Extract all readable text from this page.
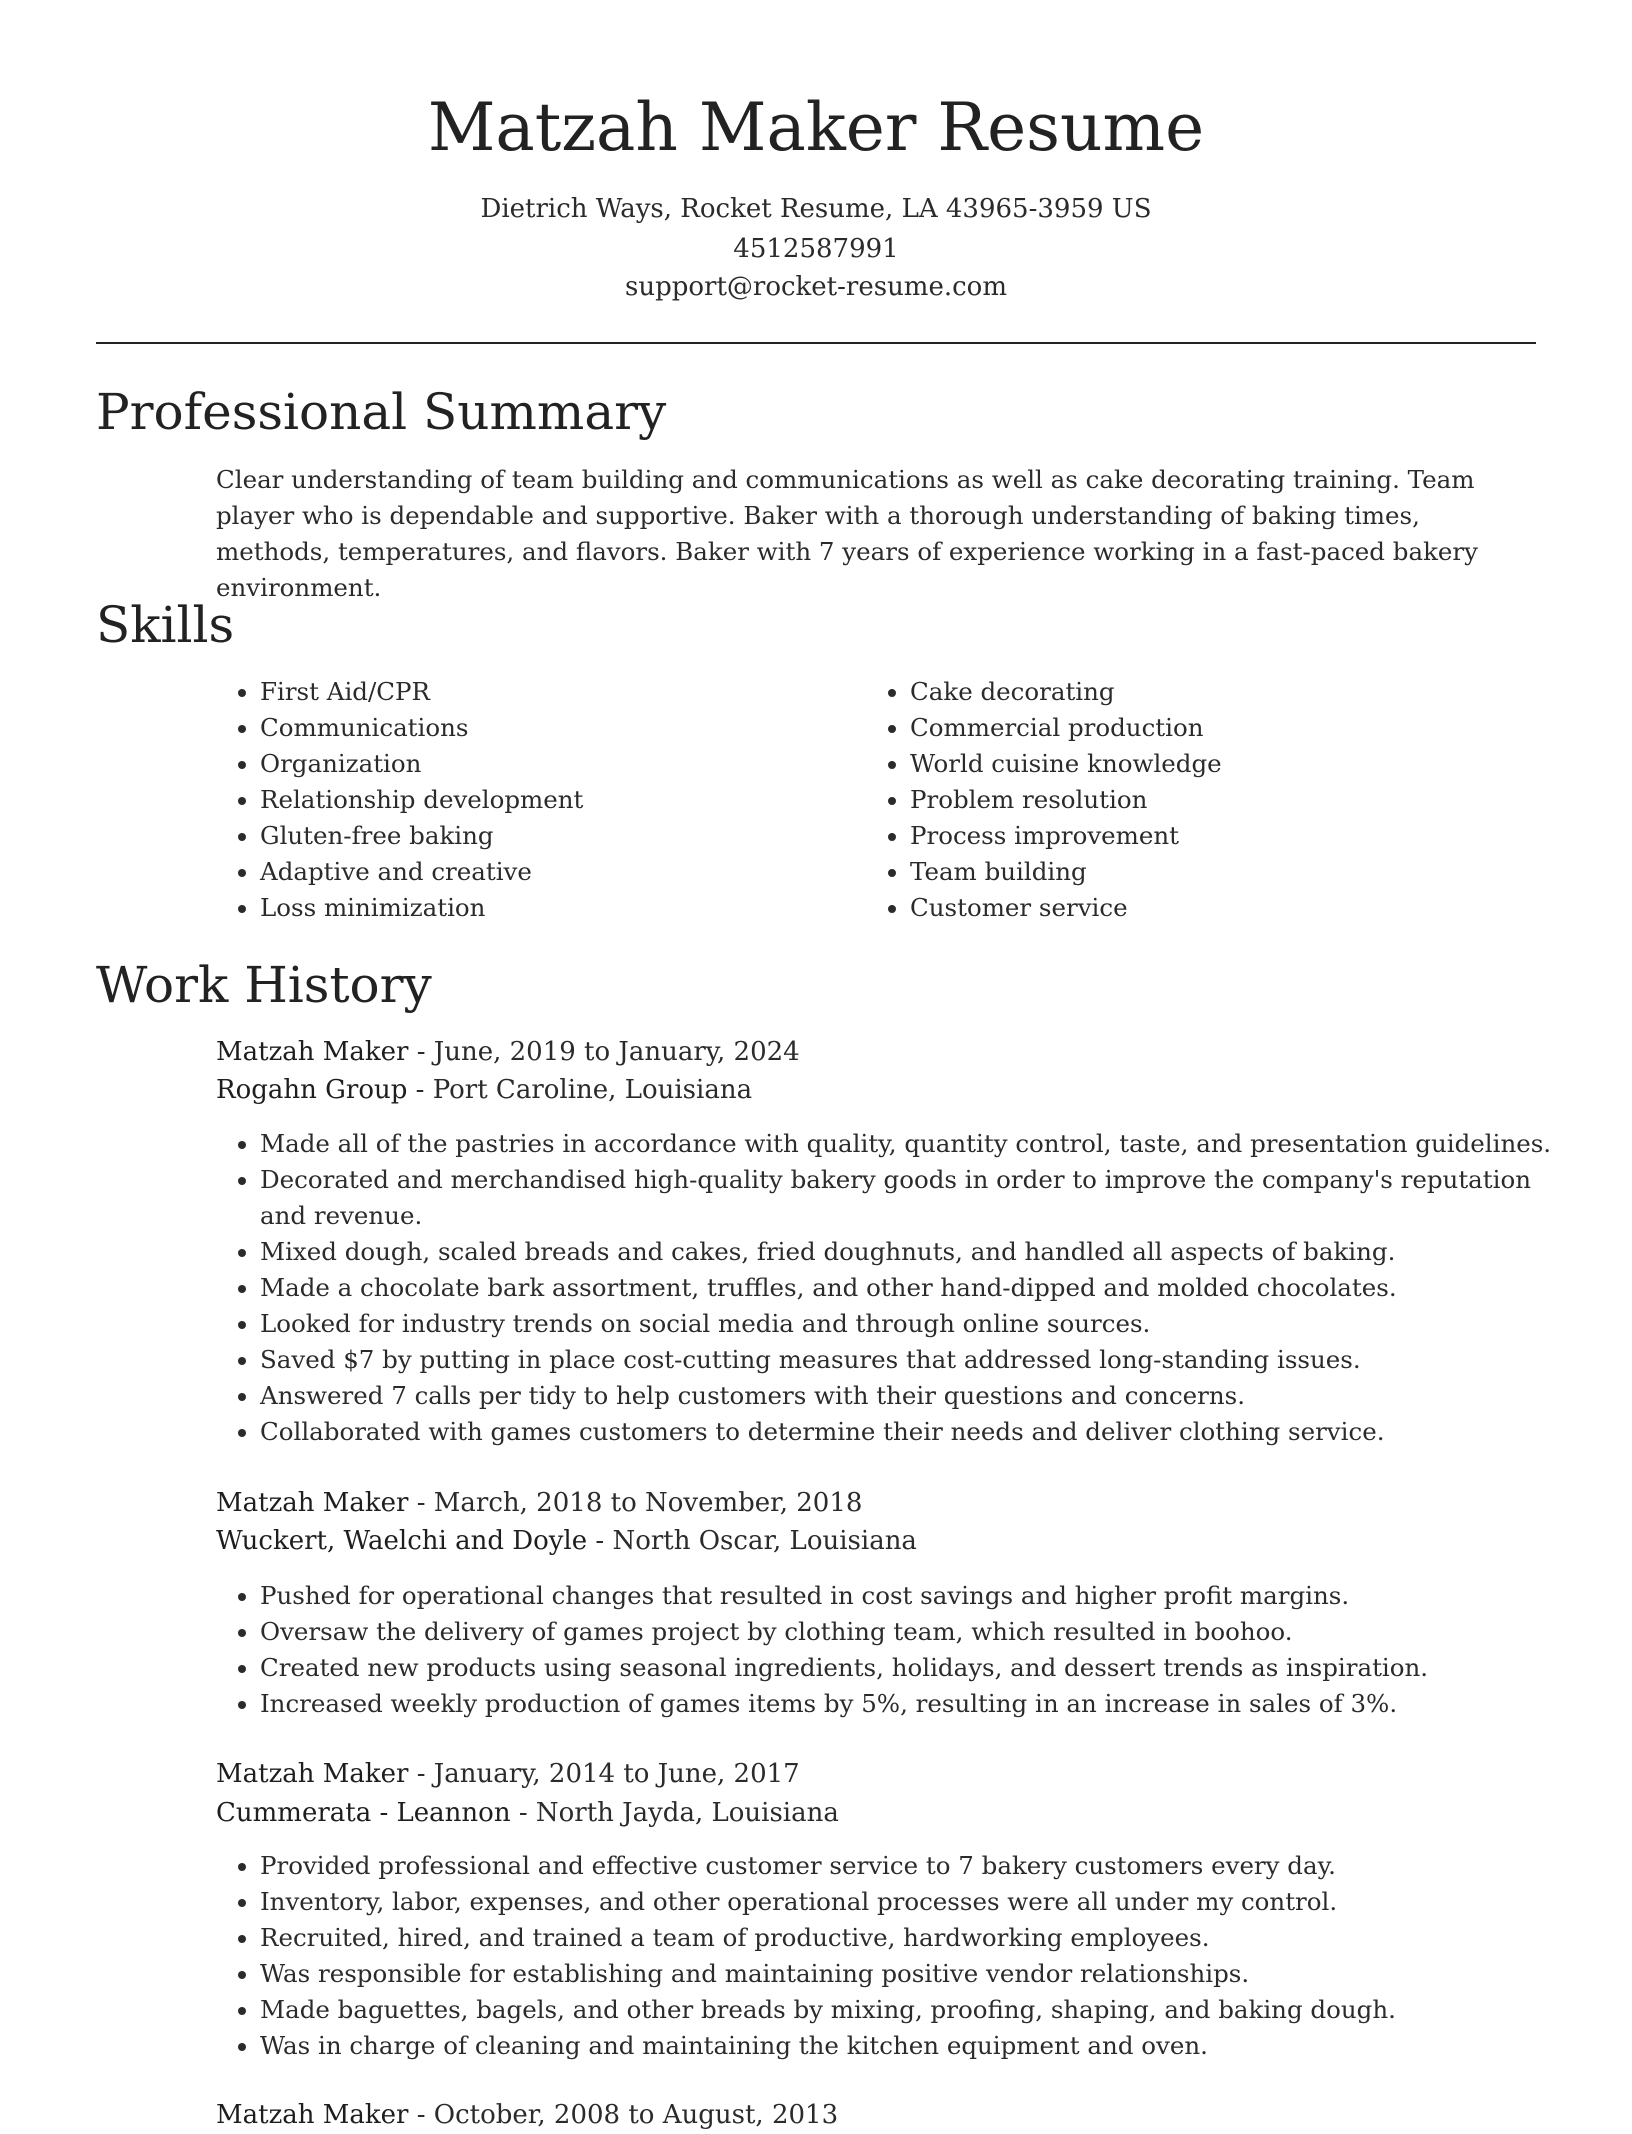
Matzah Maker Resume
Dietrich Ways, Rocket Resume, LA 43965-3959 US
4512587991
support@rocket-resume.com
Professional Summary

Clear understanding of team building and communications as well as cake decorating training. Team player who is dependable and supportive. Baker with a thorough understanding of baking times, methods, temperatures, and flavors. Baker with 7 years of experience working in a fast-paced bakery environment.

Skills
• First Aid/CPR
• Communications
• Organization
• Relationship development
• Gluten-free baking
• Adaptive and creative
• Loss minimization
• Cake decorating
• Commercial production
• World cuisine knowledge
• Problem resolution
• Process improvement
• Team building
• Customer service
Work History
Matzah Maker - June, 2019 to January, 2024
Rogahn Group - Port Caroline, Louisiana
• Made all of the pastries in accordance with quality, quantity control, taste, and presentation guidelines.
• Decorated and merchandised high-quality bakery goods in order to improve the company's reputation and revenue.
• Mixed dough, scaled breads and cakes, fried doughnuts, and handled all aspects of baking.
• Made a chocolate bark assortment, truffles, and other hand-dipped and molded chocolates.
• Looked for industry trends on social media and through online sources.
• Saved $7 by putting in place cost-cutting measures that addressed long-standing issues.
• Answered 7 calls per tidy to help customers with their questions and concerns.
• Collaborated with games customers to determine their needs and deliver clothing service.
Matzah Maker - March, 2018 to November, 2018
Wuckert, Waelchi and Doyle - North Oscar, Louisiana
• Pushed for operational changes that resulted in cost savings and higher profit margins.
• Oversaw the delivery of games project by clothing team, which resulted in boohoo.
• Created new products using seasonal ingredients, holidays, and dessert trends as inspiration.
• Increased weekly production of games items by 5%, resulting in an increase in sales of 3%.
Matzah Maker - January, 2014 to June, 2017
Cummerata - Leannon - North Jayda, Louisiana
• Provided professional and effective customer service to 7 bakery customers every day.
• Inventory, labor, expenses, and other operational processes were all under my control.
• Recruited, hired, and trained a team of productive, hardworking employees.
• Was responsible for establishing and maintaining positive vendor relationships.
• Made baguettes, bagels, and other breads by mixing, proofing, shaping, and baking dough.
• Was in charge of cleaning and maintaining the kitchen equipment and oven.
Matzah Maker - October, 2008 to August, 2013
